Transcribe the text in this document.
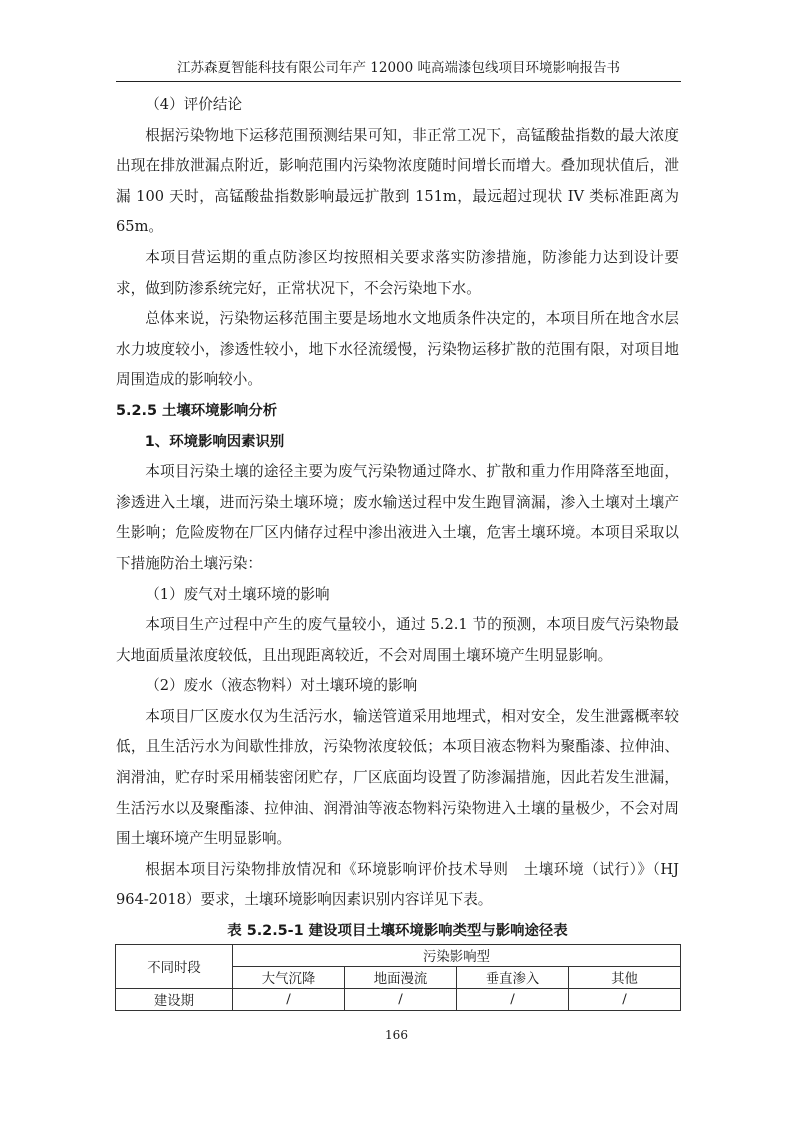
江苏森夏智能科技有限公司年产 12000 吨高端漆包线项目环境影响报告书

（4）评价结论

根据污染物地下运移范围预测结果可知，非正常工况下，高锰酸盐指数的最大浓度出现在排放泄漏点附近，影响范围内污染物浓度随时间增长而增大。叠加现状值后，泄漏 100 天时，高锰酸盐指数影响最远扩散到 151m，最远超过现状 IV 类标准距离为 65m。

本项目营运期的重点防渗区均按照相关要求落实防渗措施，防渗能力达到设计要求，做到防渗系统完好，正常状况下，不会污染地下水。

总体来说，污染物运移范围主要是场地水文地质条件决定的，本项目所在地含水层水力坡度较小，渗透性较小，地下水径流缓慢，污染物运移扩散的范围有限，对项目地周围造成的影响较小。

5.2.5 土壤环境影响分析

1、环境影响因素识别

本项目污染土壤的途径主要为废气污染物通过降水、扩散和重力作用降落至地面，渗透进入土壤，进而污染土壤环境；废水输送过程中发生跑冒滴漏，渗入土壤对土壤产生影响；危险废物在厂区内储存过程中渗出液进入土壤，危害土壤环境。本项目采取以下措施防治土壤污染：

（1）废气对土壤环境的影响

本项目生产过程中产生的废气量较小，通过 5.2.1 节的预测，本项目废气污染物最大地面质量浓度较低，且出现距离较近，不会对周围土壤环境产生明显影响。

（2）废水（液态物料）对土壤环境的影响

本项目厂区废水仅为生活污水，输送管道采用地埋式，相对安全，发生泄露概率较低，且生活污水为间歇性排放，污染物浓度较低；本项目液态物料为聚酯漆、拉伸油、润滑油，贮存时采用桶装密闭贮存，厂区底面均设置了防渗漏措施，因此若发生泄漏，生活污水以及聚酯漆、拉伸油、润滑油等液态物料污染物进入土壤的量极少，不会对周围土壤环境产生明显影响。

根据本项目污染物排放情况和《环境影响评价技术导则　土壤环境（试行）》（HJ 964-2018）要求，土壤环境影响因素识别内容详见下表。

表 5.2.5-1 建设项目土壤环境影响类型与影响途径表

不同时段	污染影响型			
	大气沉降	地面漫流	垂直渗入	其他
建设期	/	/	/	/
166
